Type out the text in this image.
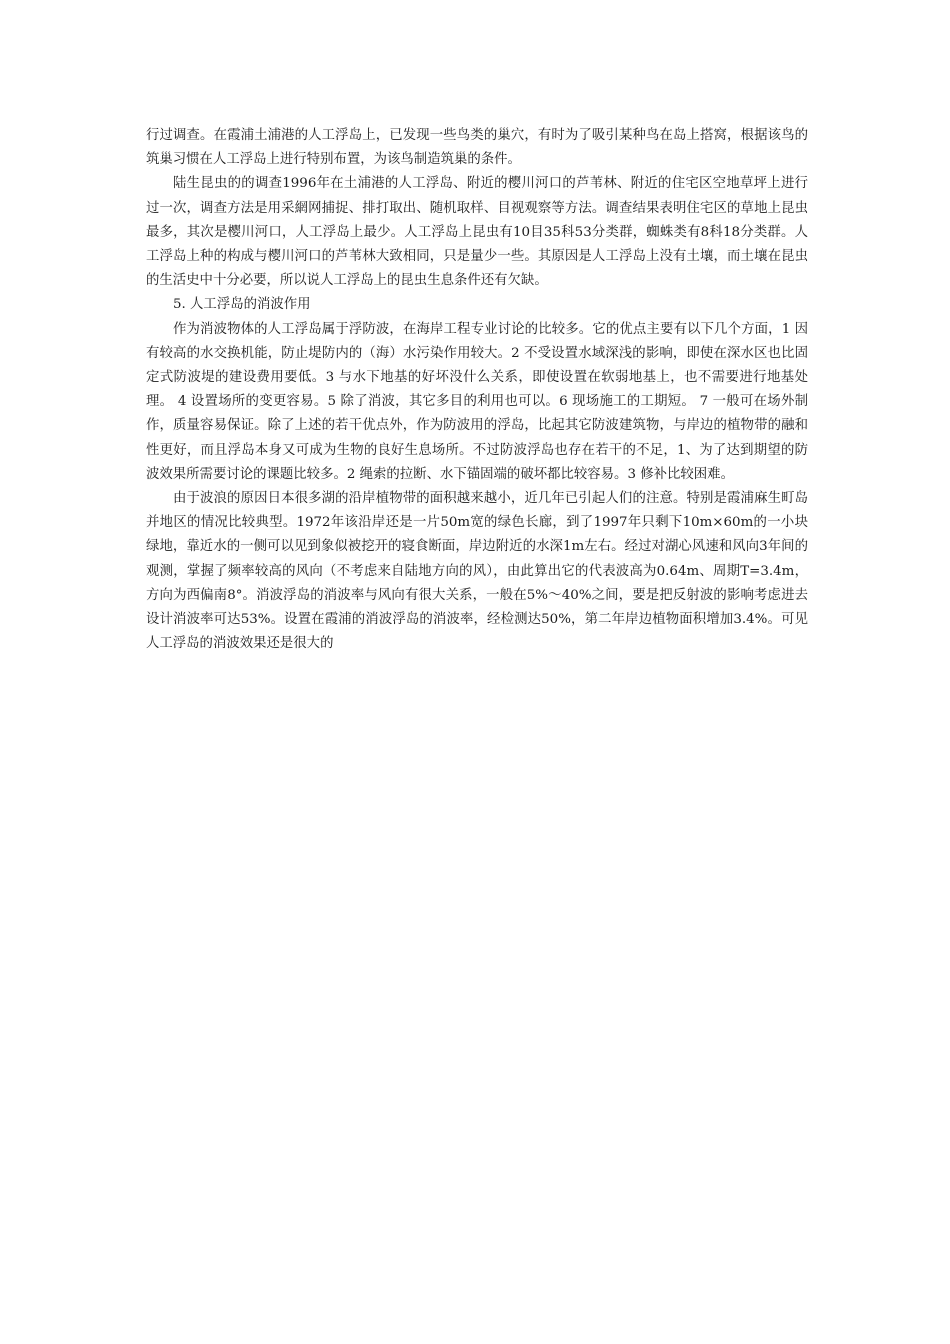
行过调查。在霞浦土浦港的人工浮岛上，已发现一些鸟类的巢穴，有时为了吸引某种鸟在岛上搭窝，根据该鸟的筑巢习惯在人工浮岛上进行特别布置，为该鸟制造筑巢的条件。

陆生昆虫的的调查1996年在土浦港的人工浮岛、附近的樱川河口的芦苇林、附近的住宅区空地草坪上进行过一次，调查方法是用采網网捕捉、排打取出、随机取样、目视观察等方法。调查结果表明住宅区的草地上昆虫最多，其次是樱川河口，人工浮岛上最少。人工浮岛上昆虫有10目35科53分类群，蜘蛛类有8科18分类群。人工浮岛上种的构成与樱川河口的芦苇林大致相同，只是量少一些。其原因是人工浮岛上没有土壤，而土壤在昆虫的生活史中十分必要，所以说人工浮岛上的昆虫生息条件还有欠缺。

5. 人工浮岛的消波作用

作为消波物体的人工浮岛属于浮防波，在海岸工程专业讨论的比较多。它的优点主要有以下几个方面，1 因有较高的水交换机能，防止堤防内的（海）水污染作用较大。2 不受设置水域深浅的影响，即使在深水区也比固定式防波堤的建设费用要低。3 与水下地基的好坏没什么关系，即使设置在软弱地基上，也不需要进行地基处理。 4 设置场所的变更容易。5 除了消波，其它多目的利用也可以。6 现场施工的工期短。 7 一般可在场外制作，质量容易保证。除了上述的若干优点外，作为防波用的浮岛，比起其它防波建筑物，与岸边的植物带的融和性更好，而且浮岛本身又可成为生物的良好生息场所。不过防波浮岛也存在若干的不足，1、为了达到期望的防波效果所需要讨论的课题比较多。2 绳索的拉断、水下锚固端的破坏都比较容易。3 修补比较困难。

由于波浪的原因日本很多湖的沿岸植物带的面积越来越小，近几年已引起人们的注意。特别是霞浦麻生町岛并地区的情况比较典型。1972年该沿岸还是一片50m宽的绿色长廊，到了1997年只剩下10m×60m的一小块绿地，靠近水的一侧可以见到象似被挖开的寝食断面，岸边附近的水深1m左右。经过对湖心风速和风向3年间的观测，掌握了频率较高的风向（不考虑来自陆地方向的风），由此算出它的代表波高为0.64m、周期T=3.4m，方向为西偏南8°。消波浮岛的消波率与风向有很大关系，一般在5%～40%之间，要是把反射波的影响考虑进去设计消波率可达53%。设置在霞浦的消波浮岛的消波率，经检测达50%，第二年岸边植物面积增加3.4%。可见人工浮岛的消波效果还是很大的
